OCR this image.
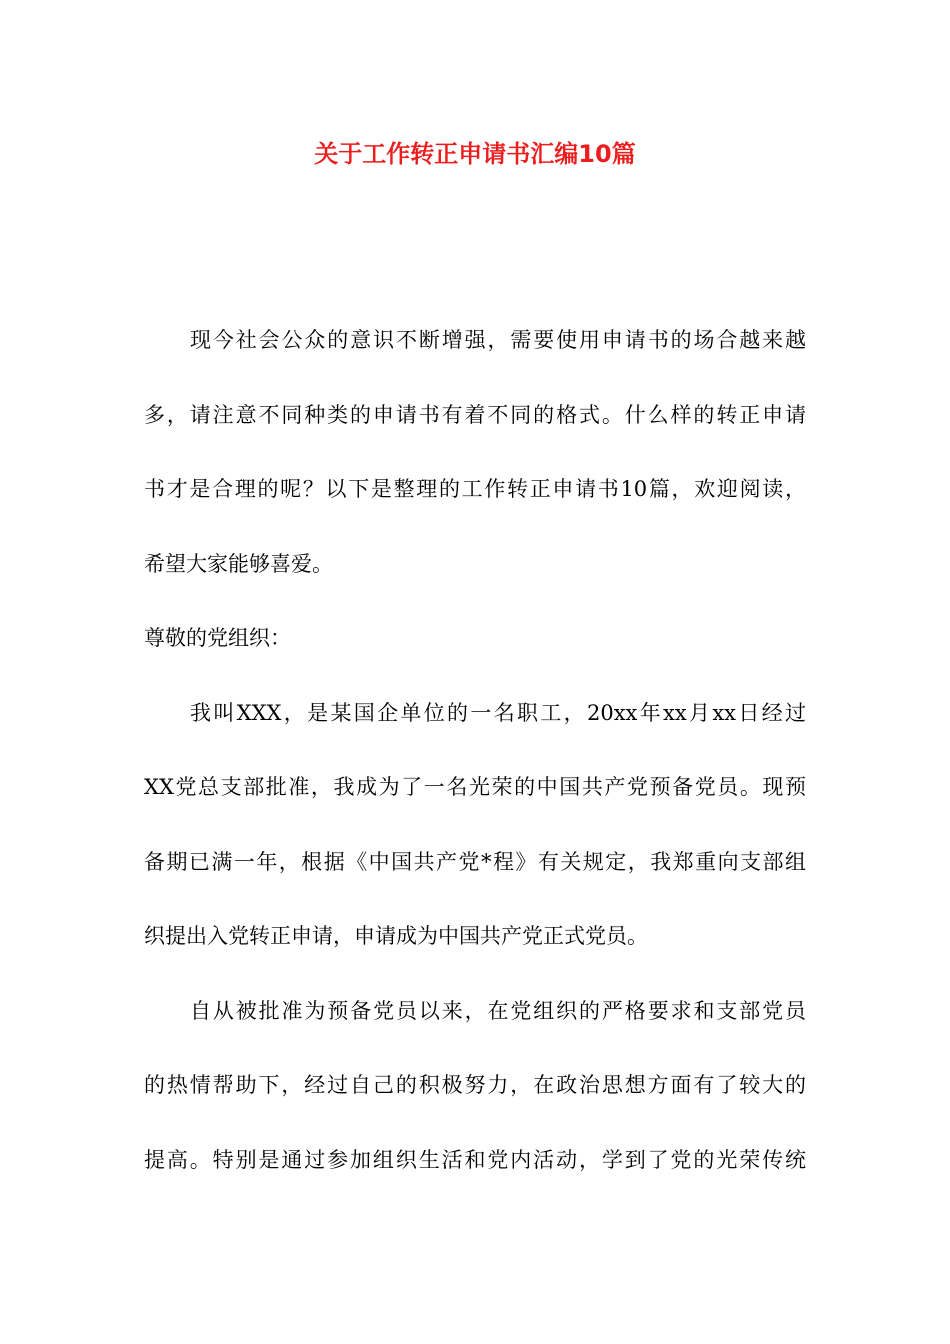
关于工作转正申请书汇编10篇
现今社会公众的意识不断增强，需要使用申请书的场合越来越
多，请注意不同种类的申请书有着不同的格式。什么样的转正申请
书才是合理的呢？以下是整理的工作转正申请书10篇，欢迎阅读，
希望大家能够喜爱。
尊敬的党组织：
我叫XXX，是某国企单位的一名职工，20xx年xx月xx日经过
XX党总支部批准，我成为了一名光荣的中国共产党预备党员。现预
备期已满一年，根据《中国共产党*程》有关规定，我郑重向支部组
织提出入党转正申请，申请成为中国共产党正式党员。
自从被批准为预备党员以来，在党组织的严格要求和支部党员
的热情帮助下，经过自己的积极努力，在政治思想方面有了较大的
提高。特别是通过参加组织生活和党内活动，学到了党的光荣传统
